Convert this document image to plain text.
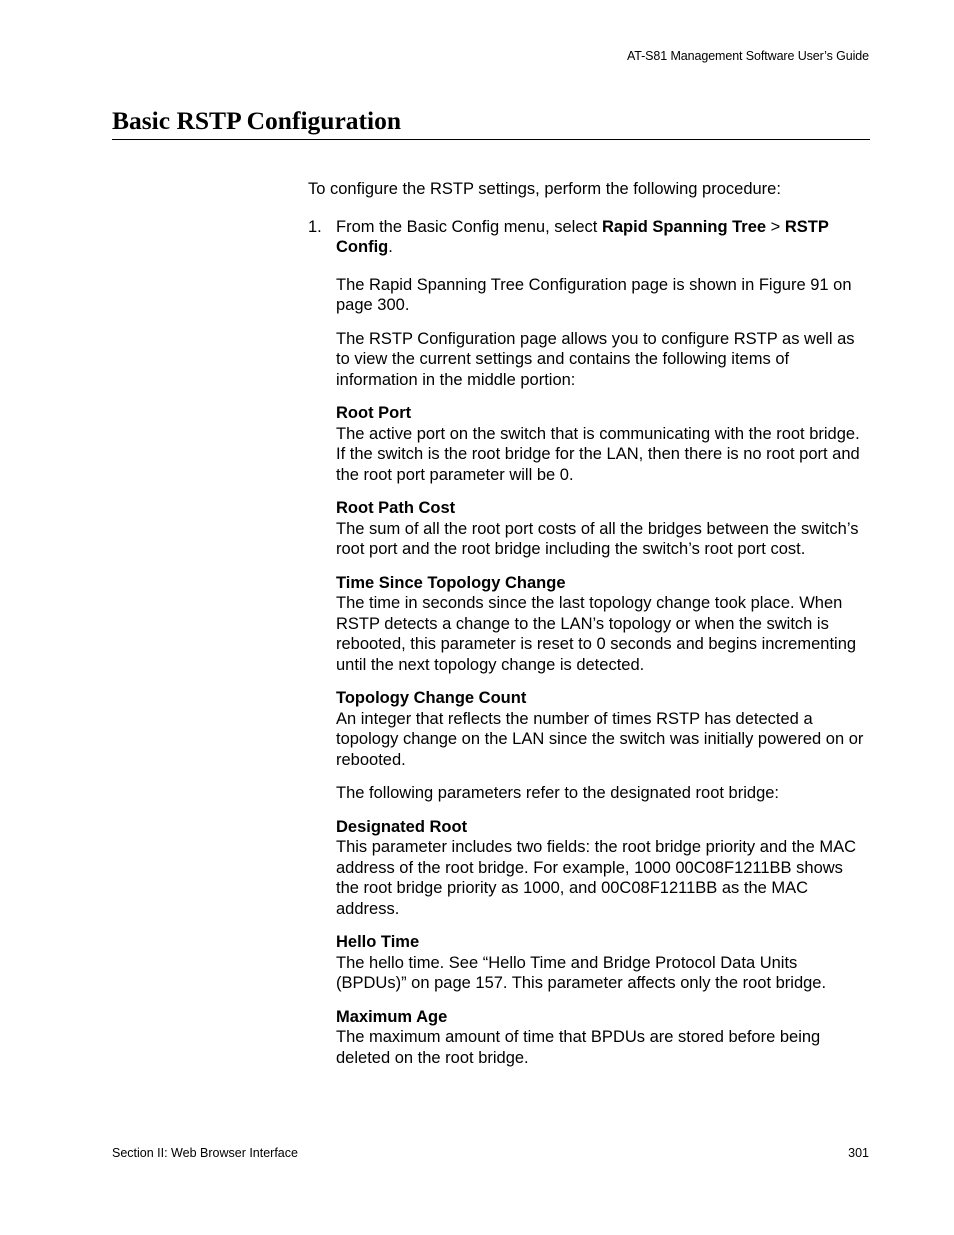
AT-S81 Management Software User’s Guide
Basic RSTP Configuration

To configure the RSTP settings, perform the following procedure:

1. From the Basic Config menu, select Rapid Spanning Tree > RSTP Config.

The Rapid Spanning Tree Configuration page is shown in Figure 91 on page 300.

The RSTP Configuration page allows you to configure RSTP as well as to view the current settings and contains the following items of information in the middle portion:

Root Port
The active port on the switch that is communicating with the root bridge. If the switch is the root bridge for the LAN, then there is no root port and the root port parameter will be 0.
Root Path Cost
The sum of all the root port costs of all the bridges between the switch’s root port and the root bridge including the switch’s root port cost.
Time Since Topology Change
The time in seconds since the last topology change took place. When RSTP detects a change to the LAN’s topology or when the switch is rebooted, this parameter is reset to 0 seconds and begins incrementing until the next topology change is detected.
Topology Change Count
An integer that reflects the number of times RSTP has detected a topology change on the LAN since the switch was initially powered on or rebooted.

The following parameters refer to the designated root bridge:

Designated Root
This parameter includes two fields: the root bridge priority and the MAC address of the root bridge. For example, 1000 00C08F1211BB shows the root bridge priority as 1000, and 00C08F1211BB as the MAC address.
Hello Time
The hello time. See “Hello Time and Bridge Protocol Data Units (BPDUs)” on page 157. This parameter affects only the root bridge.
Maximum Age
The maximum amount of time that BPDUs are stored before being deleted on the root bridge.
Section II: Web Browser Interface	301
